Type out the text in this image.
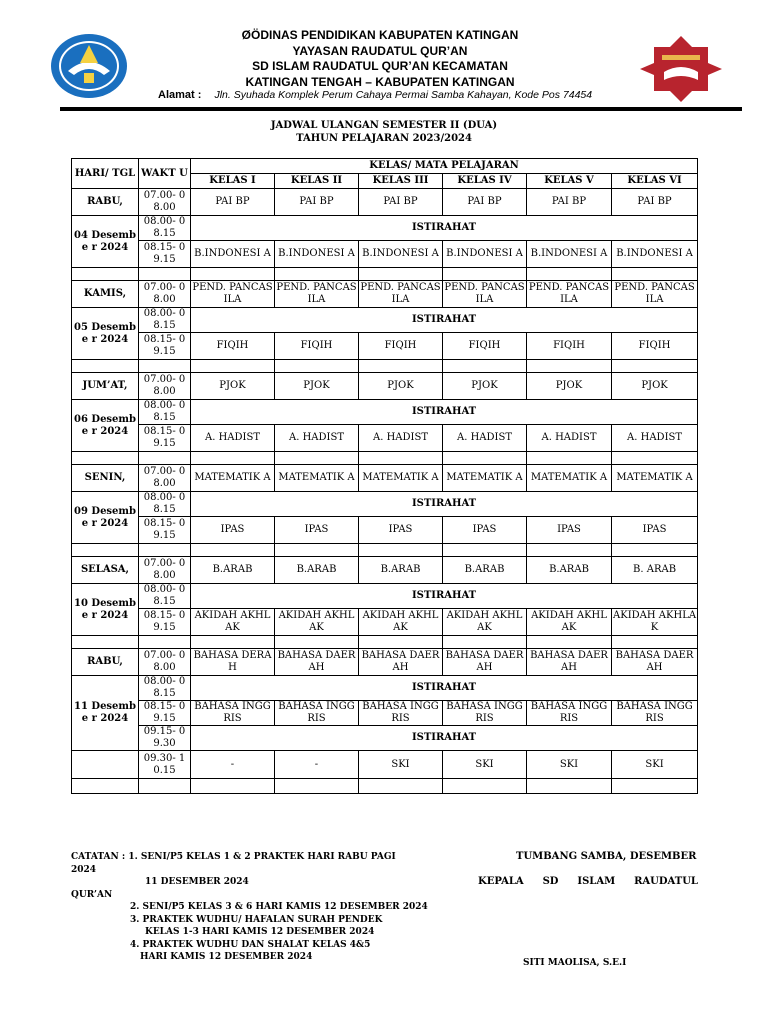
ØÖDINAS PENDIDIKAN KABUPATEN KATINGAN
YAYASAN RAUDATUL QUR’AN
SD ISLAM RAUDATUL QUR’AN KECAMATAN
KATINGAN TENGAH – KABUPATEN KATINGAN
Alamat : Jln. Syuhada Komplek Perum Cahaya Permai Samba Kahayan, Kode Pos 74454
JADWAL ULANGAN SEMESTER II (DUA)
TAHUN PELAJARAN 2023/2024
HARI/ TGL	WAKT U	KELAS/ MATA PELAJARAN					
		KELAS I	KELAS II	KELAS III	KELAS IV	KELAS V	KELAS VI
RABU,	07.00- 08.00	PAI BP	PAI BP	PAI BP	PAI BP	PAI BP	PAI BP
04 Desembe r 2024	08.00- 08.15	ISTIRAHAT					
	08.15- 09.15	B.INDONESI A	B.INDONESI A	B.INDONESI A	B.INDONESI A	B.INDONESI A	B.INDONESI A

KAMIS,	07.00- 08.00	PEND. PANCASILA	PEND. PANCASILA	PEND. PANCASILA	PEND. PANCASILA	PEND. PANCASILA	PEND. PANCASILA
05 Desembe r 2024	08.00- 08.15	ISTIRAHAT					
	08.15- 09.15	FIQIH	FIQIH	FIQIH	FIQIH	FIQIH	FIQIH

JUM’AT,	07.00- 08.00	PJOK	PJOK	PJOK	PJOK	PJOK	PJOK
06 Desembe r 2024	08.00- 08.15	ISTIRAHAT					
	08.15- 09.15	A. HADIST	A. HADIST	A. HADIST	A. HADIST	A. HADIST	A. HADIST

SENIN,	07.00- 08.00	MATEMATIK A	MATEMATIK A	MATEMATIK A	MATEMATIK A	MATEMATIK A	MATEMATIK A
09 Desembe r 2024	08.00- 08.15	ISTIRAHAT					
	08.15- 09.15	IPAS	IPAS	IPAS	IPAS	IPAS	IPAS

SELASA,	07.00- 08.00	B.ARAB	B.ARAB	B.ARAB	B.ARAB	B.ARAB	B. ARAB
10 Desembe r 2024	08.00- 08.15	ISTIRAHAT					
	08.15- 09.15	AKIDAH AKHLAK	AKIDAH AKHLAK	AKIDAH AKHLAK	AKIDAH AKHLAK	AKIDAH AKHLAK	AKIDAH AKHLAK

RABU,	07.00- 08.00	BAHASA DERAH	BAHASA DAERAH	BAHASA DAERAH	BAHASA DAERAH	BAHASA DAERAH	BAHASA DAERAH
11 Desembe r 2024	08.00- 08.15	ISTIRAHAT					
	08.15- 09.15	BAHASA INGGRIS	BAHASA INGGRIS	BAHASA INGGRIS	BAHASA INGGRIS	BAHASA INGGRIS	BAHASA INGGRIS
	09.15- 09.30	ISTIRAHAT					
	09.30- 10.15	-	-	SKI	SKI	SKI	SKI

CATATAN : 1. SENI/P5 KELAS 1 & 2 PRAKTEK HARI RABU PAGI
2024
11 DESEMBER 2024
QUR’AN
2. SENI/P5 KELAS 3 & 6 HARI KAMIS 12 DESEMBER 2024
3. PRAKTEK WUDHU/ HAFALAN SURAH PENDEK
KELAS 1-3 HARI KAMIS 12 DESEMBER 2024
4. PRAKTEK WUDHU DAN SHALAT KELAS 4&5
HARI KAMIS 12 DESEMBER 2024
TUMBANG SAMBA, DESEMBER
KEPALA SD ISLAM RAUDATUL
SITI MAOLISA, S.E.I
